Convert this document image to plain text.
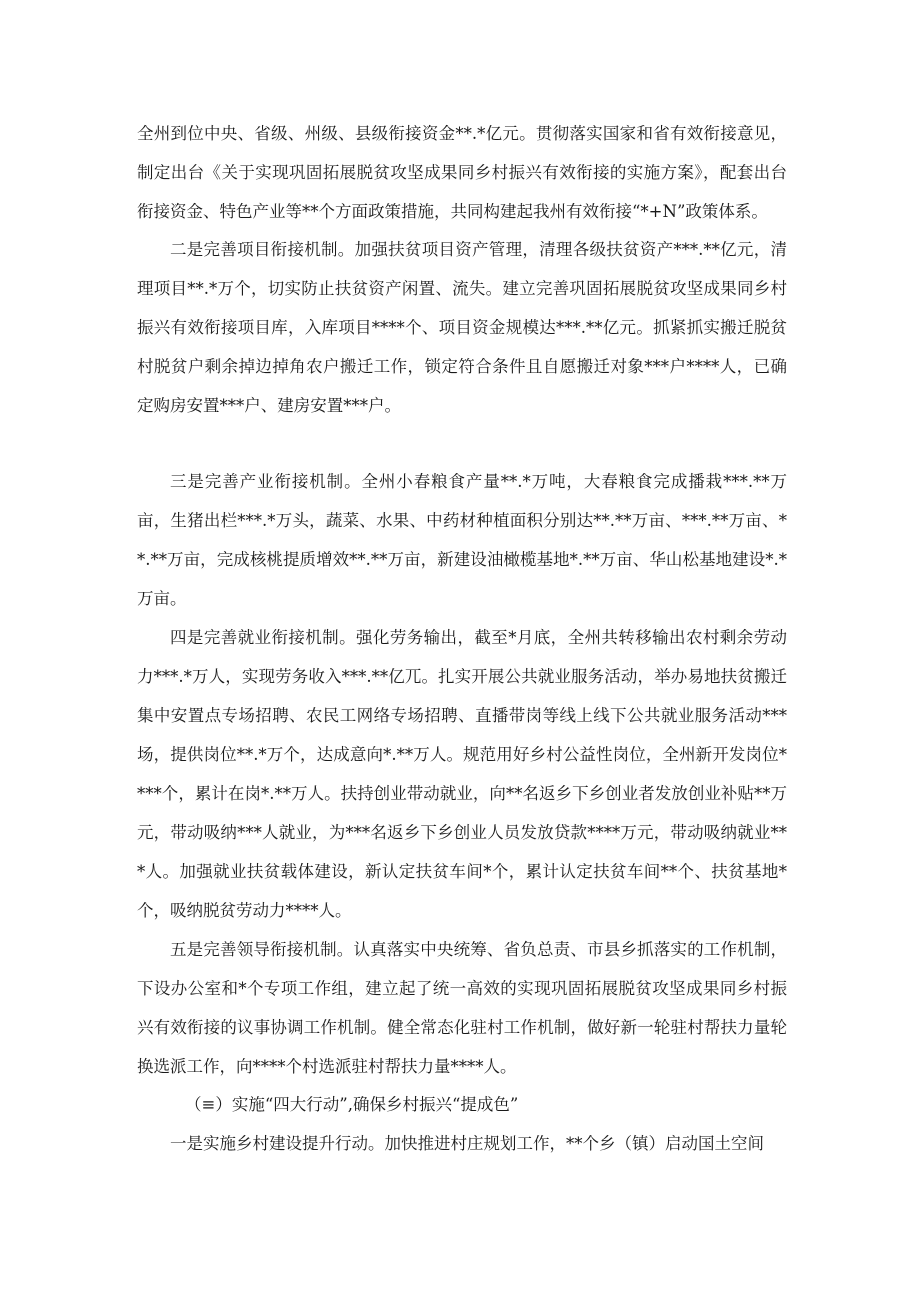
全州到位中央、省级、州级、县级衔接资金**.*亿元。贯彻落实国家和省有效衔接意见，制定出台《关于实现巩固拓展脱贫攻坚成果同乡村振兴有效衔接的实施方案》，配套出台衔接资金、特色产业等**个方面政策措施，共同构建起我州有效衔接“*+N”政策体系。

二是完善项目衔接机制。加强扶贫项目资产管理，清理各级扶贫资产***.**亿元，清理项目**.*万个，切实防止扶贫资产闲置、流失。建立完善巩固拓展脱贫攻坚成果同乡村振兴有效衔接项目库，入库项目****个、项目资金规模达***.**亿元。抓紧抓实搬迁脱贫村脱贫户剩余掉边掉角农户搬迁工作，锁定符合条件且自愿搬迁对象***户****人，已确定购房安置***户、建房安置***户。

三是完善产业衔接机制。全州小春粮食产量**.*万吨，大春粮食完成播栽***.**万亩，生猪出栏***.*万头，蔬菜、水果、中药材种植面积分别达**.**万亩、***.**万亩、**.**万亩，完成核桃提质增效**.**万亩，新建设油橄榄基地*.**万亩、华山松基地建设*.*万亩。

四是完善就业衔接机制。强化劳务输出，截至*月底，全州共转移输出农村剩余劳动力***.*万人，实现劳务收入***.**亿兀。扎实开展公共就业服务活动，举办易地扶贫搬迁集中安置点专场招聘、农民工网络专场招聘、直播带岗等线上线下公共就业服务活动***场，提供岗位**.*万个，达成意向*.**万人。规范用好乡村公益性岗位，全州新开发岗位****个，累计在岗*.**万人。扶持创业带动就业，向**名返乡下乡创业者发放创业补贴**万元，带动吸纳***人就业，为***名返乡下乡创业人员发放贷款****万元，带动吸纳就业***人。加强就业扶贫载体建设，新认定扶贫车间*个，累计认定扶贫车间**个、扶贫基地*个，吸纳脱贫劳动力****人。

五是完善领导衔接机制。认真落实中央统筹、省负总责、市县乡抓落实的工作机制，下设办公室和*个专项工作组，建立起了统一高效的实现巩固拓展脱贫攻坚成果同乡村振兴有效衔接的议事协调工作机制。健全常态化驻村工作机制，做好新一轮驻村帮扶力量轮换选派工作，向****个村选派驻村帮扶力量****人。

（≡）实施“四大行动”,确保乡村振兴“提成色”

一是实施乡村建设提升行动。加快推进村庄规划工作，**个乡（镇）启动国土空间
